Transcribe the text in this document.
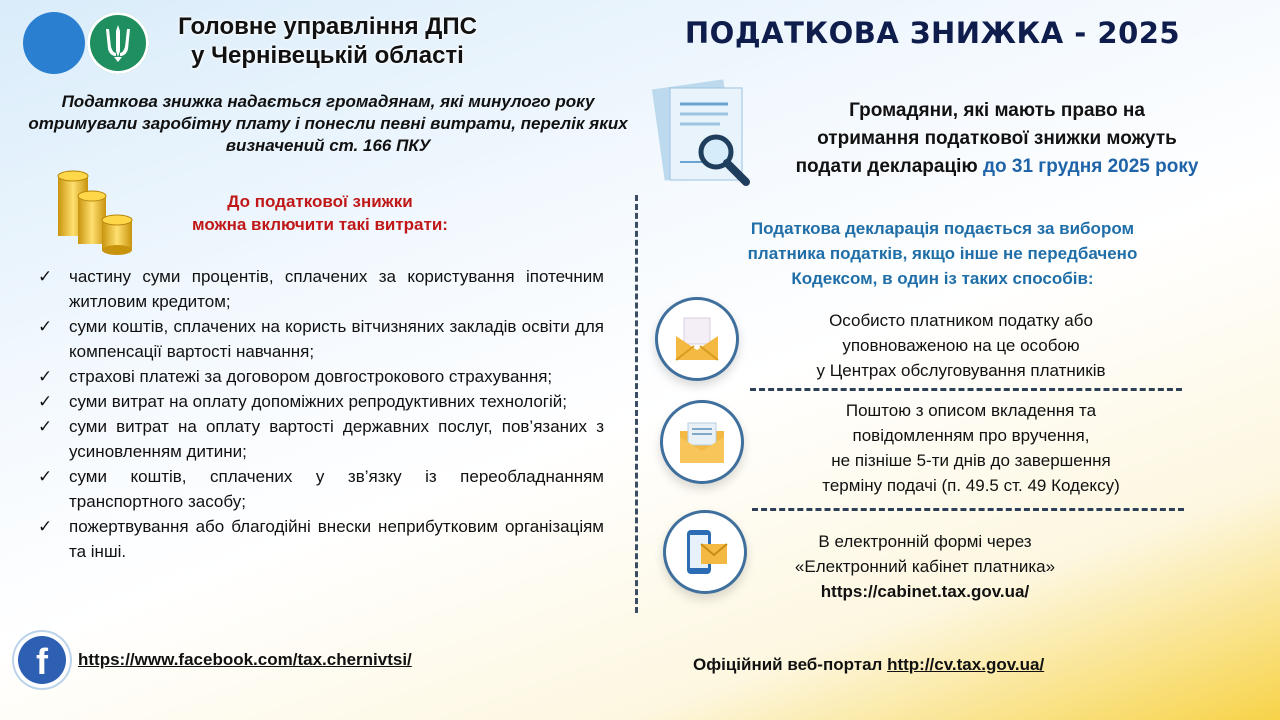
Головне управління ДПС
у Чернівецькій області
ПОДАТКОВА ЗНИЖКА - 2025
Податкова знижка надається громадянам, які минулого року отримували заробітну плату і понесли певні витрати, перелік яких визначений ст. 166 ПКУ
До податкової знижки
можна включити такі витрати:
✓ частину суми процентів, сплачених за користування іпотечним житловим кредитом;
✓ суми коштів, сплачених на користь вітчизняних закладів освіти для компенсації вартості навчання;
✓ страхові платежі за договором довгострокового страхування;
✓ суми витрат на оплату допоміжних репродуктивних технологій;
✓ суми витрат на оплату вартості державних послуг, пов’язаних з усиновленням дитини;
✓ суми коштів, сплачених у зв’язку із переобладнанням транспортного засобу;
✓ пожертвування або благодійні внески неприбутковим організаціям та інші.
f	https://www.facebook.com/tax.chernivtsi/
Громадяни, які мають право на
отримання податкової знижки можуть
подати декларацію до 31 грудня 2025 року
Податкова декларація подається за вибором
платника податків, якщо інше не передбачено
Кодексом, в один із таких способів:
Особисто платником податку або
уповноваженою на це особою
у Центрах обслуговування платників
Поштою з описом вкладення та
повідомленням про вручення,
не пізніше 5-ти днів до завершення
терміну подачі (п. 49.5 ст. 49 Кодексу)
В електронній формі через
«Електронний кабінет платника»
https://cabinet.tax.gov.ua/
Офіційний веб-портал http://cv.tax.gov.ua/
